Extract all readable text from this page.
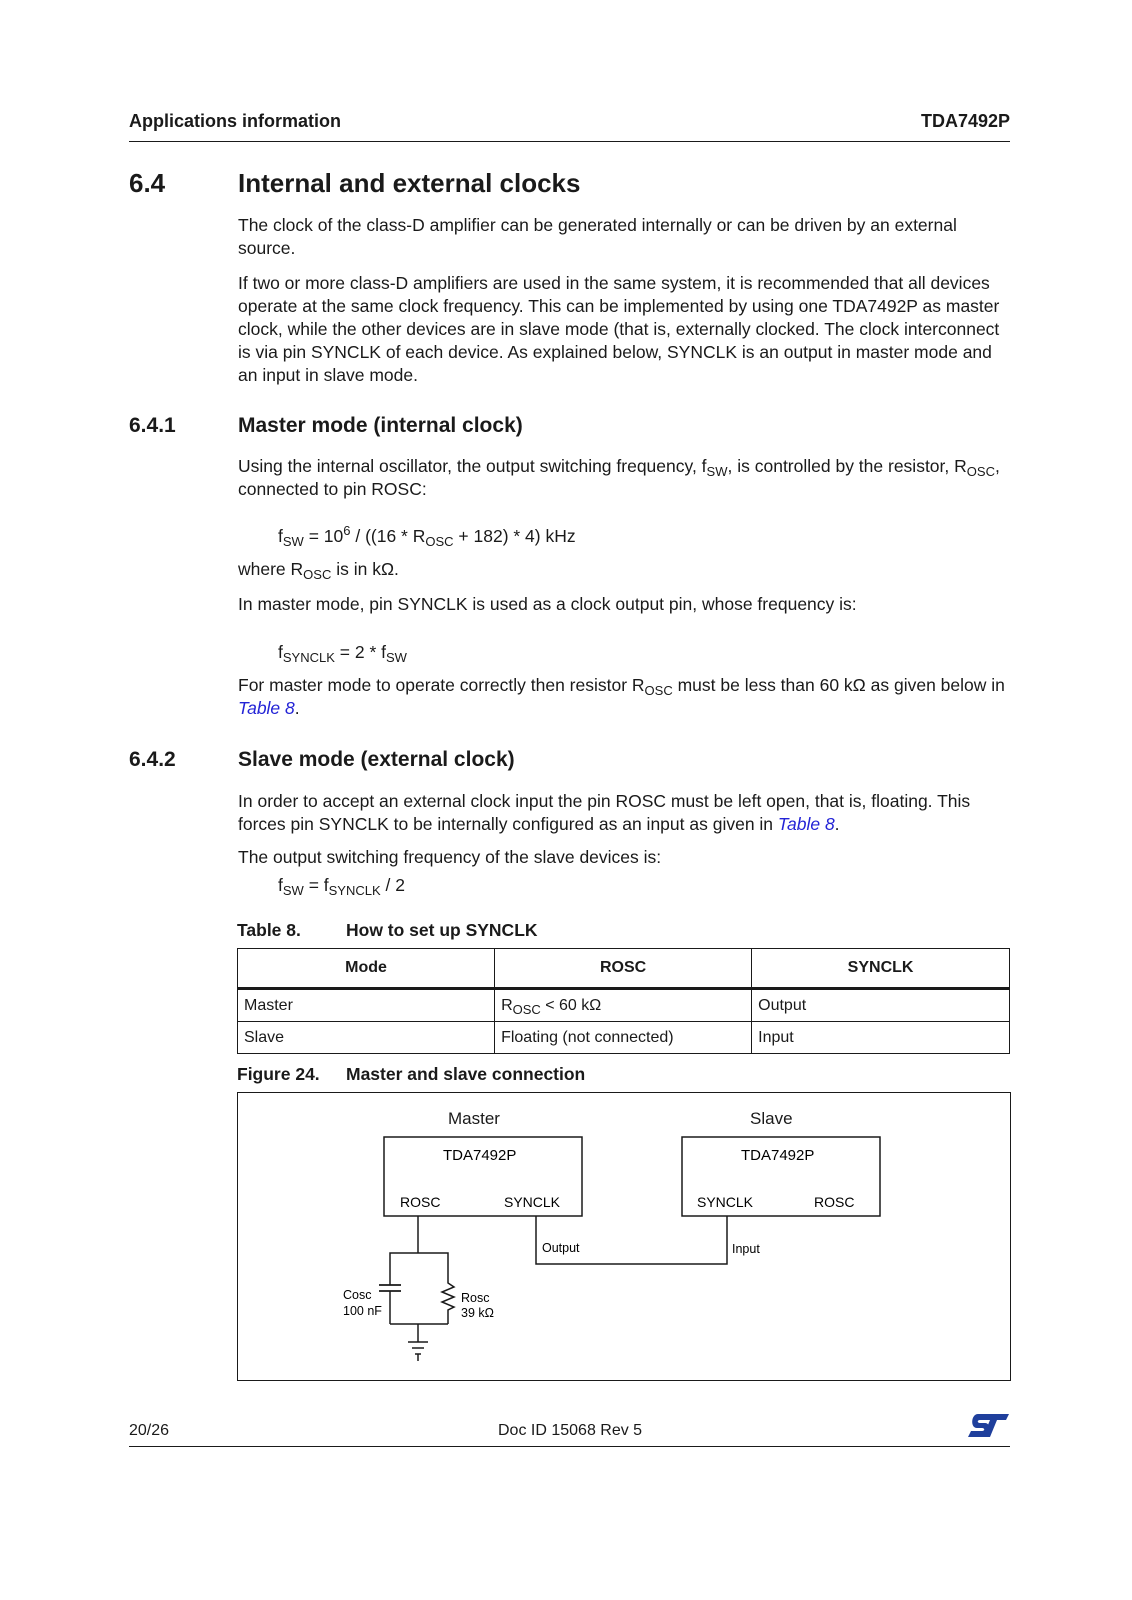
Applications information	TDA7492P
6.4	Internal and external clocks
The clock of the class-D amplifier can be generated internally or can be driven by an external source.
If two or more class-D amplifiers are used in the same system, it is recommended that all devices operate at the same clock frequency. This can be implemented by using one TDA7492P as master clock, while the other devices are in slave mode (that is, externally clocked. The clock interconnect is via pin SYNCLK of each device. As explained below, SYNCLK is an output in master mode and an input in slave mode.
6.4.1	Master mode (internal clock)
Using the internal oscillator, the output switching frequency, $f_{SW}$, is controlled by the resistor, $R_{OSC}$, connected to pin ROSC:
$f_{SW} = 10^6 / ((16 * R_{OSC} + 182) * 4)$ kHz
where $R_{OSC}$ is in kΩ.
In master mode, pin SYNCLK is used as a clock output pin, whose frequency is:
$f_{SYNCLK} = 2 * f_{SW}$
For master mode to operate correctly then resistor $R_{OSC}$ must be less than 60 kΩ as given below in Table 8.
6.4.2	Slave mode (external clock)
In order to accept an external clock input the pin ROSC must be left open, that is, floating. This forces pin SYNCLK to be internally configured as an input as given in Table 8.
The output switching frequency of the slave devices is:
$f_{SW} = f_{SYNCLK} / 2$
Table 8.	How to set up SYNCLK
Mode	ROSC	SYNCLK
Master	$R_{OSC} < 60$ kΩ	Output
Slave	Floating (not connected)	Input
Figure 24. Master and slave connection
Master	Slave
TDA7492P
ROSC	SYNCLK
TDA7492P
SYNCLK	ROSC
Output	Input
Cosc
100 nF
Rosc
39 kΩ
20/26	Doc ID 15068 Rev 5
